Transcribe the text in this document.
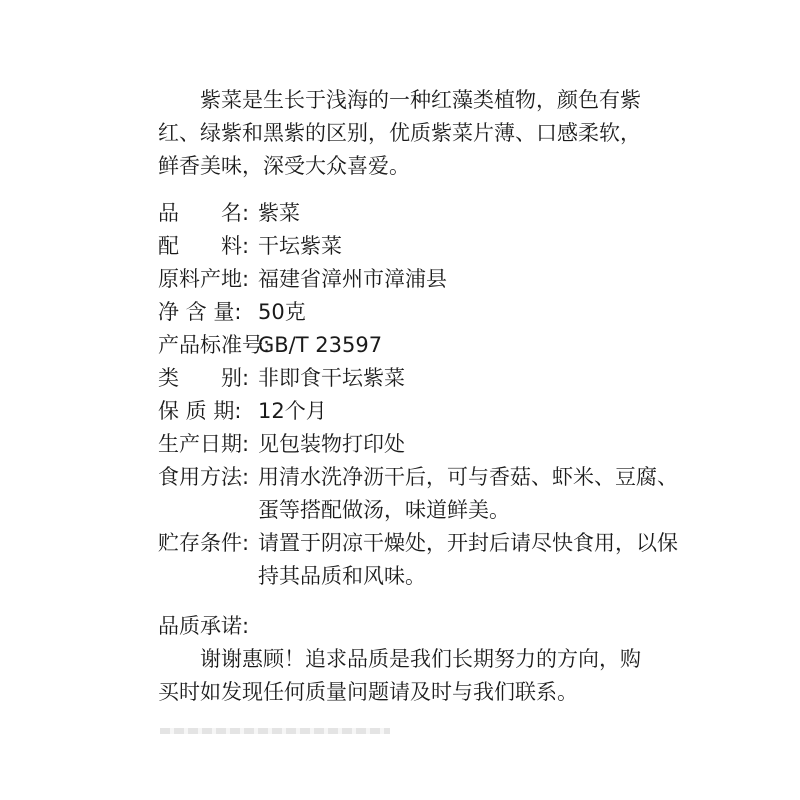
紫菜是生长于浅海的一种红藻类植物，颜色有紫红、绿紫和黑紫的区别，优质紫菜片薄、口感柔软，鲜香美味，深受大众喜爱。

品　　名: 紫菜
配　　料: 干坛紫菜
原料产地: 福建省漳州市漳浦县
净 含 量: 50克
产品标准号:
GB/T 23597
类　　别: 非即食干坛紫菜
保 质 期: 12个月
生产日期: 见包装物打印处
食用方法: 用清水洗净沥干后，可与香菇、虾米、豆腐、蛋等搭配做汤，味道鲜美。
贮存条件: 请置于阴凉干燥处，开封后请尽快食用，以保持其品质和风味。

品质承诺:

谢谢惠顾！追求品质是我们长期努力的方向，购买时如发现任何质量问题请及时与我们联系。
